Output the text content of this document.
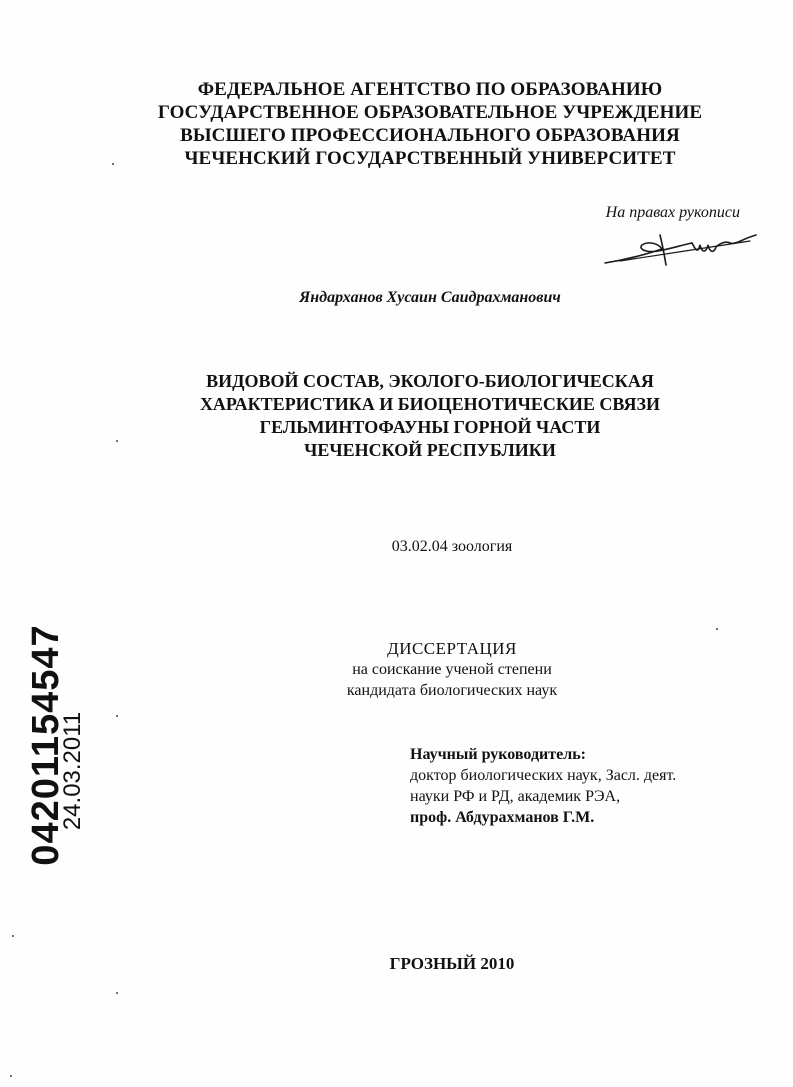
ФЕДЕРАЛЬНОЕ АГЕНТСТВО ПО ОБРАЗОВАНИЮ
ГОСУДАРСТВЕННОЕ ОБРАЗОВАТЕЛЬНОЕ УЧРЕЖДЕНИЕ
ВЫСШЕГО ПРОФЕССИОНАЛЬНОГО ОБРАЗОВАНИЯ
ЧЕЧЕНСКИЙ ГОСУДАРСТВЕННЫЙ УНИВЕРСИТЕТ
На правах рукописи
Яндарханов Хусаин Саидрахманович
ВИДОВОЙ СОСТАВ, ЭКОЛОГО-БИОЛОГИЧЕСКАЯ
ХАРАКТЕРИСТИКА И БИОЦЕНОТИЧЕСКИЕ СВЯЗИ
ГЕЛЬМИНТОФАУНЫ ГОРНОЙ ЧАСТИ
ЧЕЧЕНСКОЙ РЕСПУБЛИКИ
03.02.04 зоология
ДИССЕРТАЦИЯ
на соискание ученой степени
кандидата биологических наук
Научный руководитель:
доктор биологических наук, Засл. деят.
науки РФ и РД, академик РЭА,
проф. Абдурахманов Г.М.
ГРОЗНЫЙ 2010
04201154547
24.03.2011
